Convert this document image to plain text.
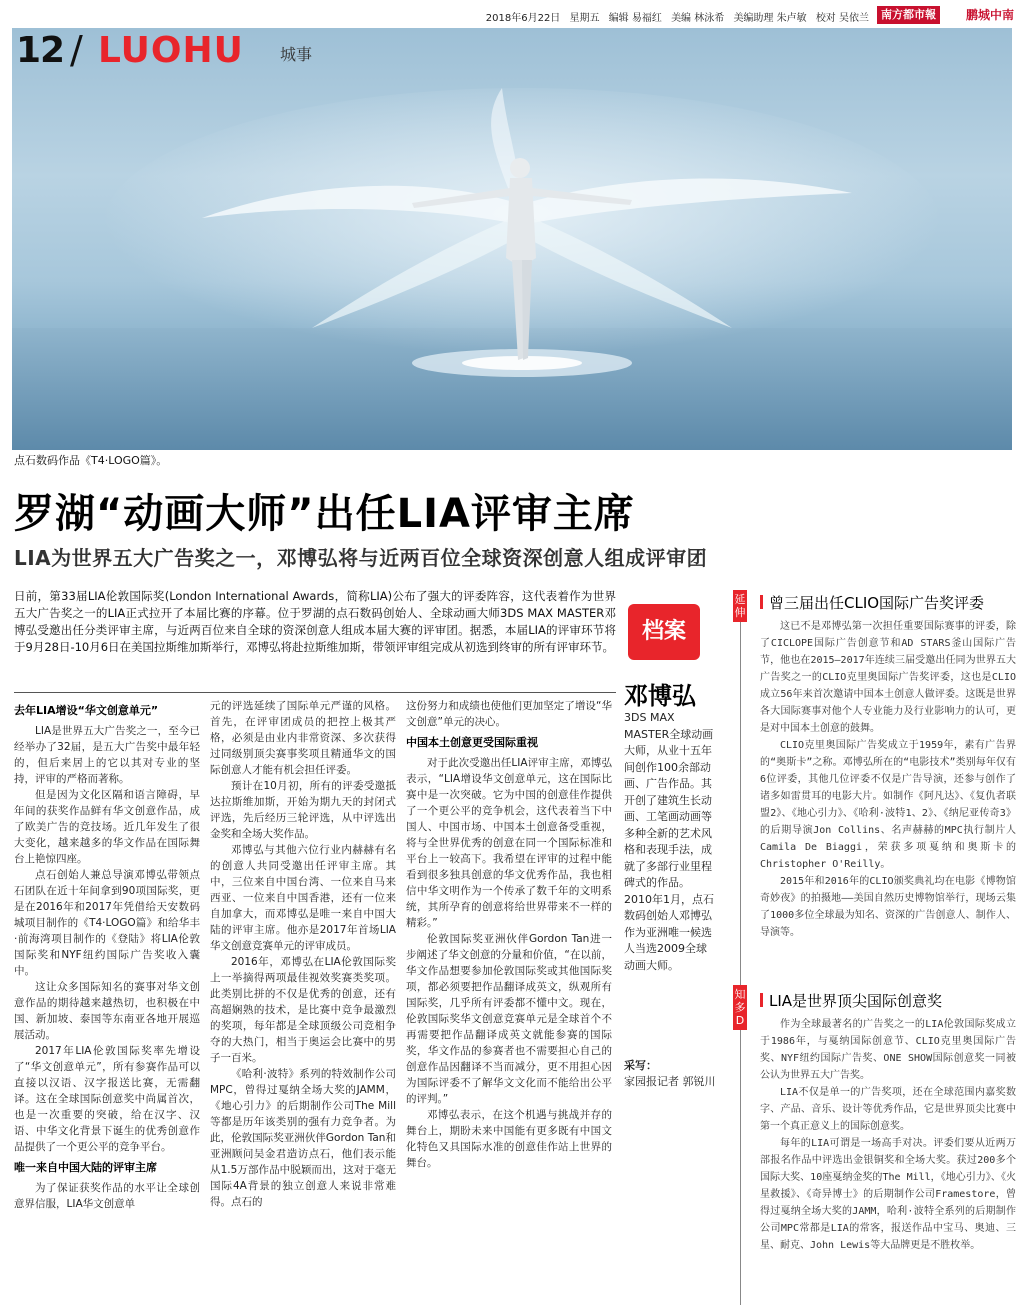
2018年6月22日 星期五 编辑 易福红 美编 林泳希 美编助理 朱卢敏 校对 吴依兰	南方都市報	鹏城中南
12 / LUOHU 城事
点石数码作品《T4·LOGO篇》。
罗湖“动画大师”出任LIA评审主席
LIA为世界五大广告奖之一，邓博弘将与近两百位全球资深创意人组成评审团
日前，第33届LIA伦敦国际奖(London International Awards，简称LIA)公布了强大的评委阵容，这代表着作为世界五大广告奖之一的LIA正式拉开了本届比赛的序幕。位于罗湖的点石数码创始人、全球动画大师3DS MAX MASTER邓博弘受邀出任分类评审主席，与近两百位来自全球的资深创意人组成本届大赛的评审团。据悉，本届LIA的评审环节将于9月28日-10月6日在美国拉斯维加斯举行，邓博弘将赴拉斯维加斯，带领评审组完成从初选到终审的所有评审环节。

去年LIA增设“华文创意单元”

LIA是世界五大广告奖之一，至今已经举办了32届，是五大广告奖中最年轻的，但后来居上的它以其对专业的坚持，评审的严格而著称。

但是因为文化区隔和语言障碍，早年间的获奖作品鲜有华文创意作品，成了欧美广告的竞技场。近几年发生了很大变化，越来越多的华文作品在国际舞台上艳惊四座。

点石创始人兼总导演邓博弘带领点石团队在近十年间拿到90项国际奖，更是在2016年和2017年凭借给天安数码城项目制作的《T4·LOGO篇》和给华丰·前海湾项目制作的《登陆》将LIA伦敦国际奖和NYF纽约国际广告奖收入囊中。

这让众多国际知名的赛事对华文创意作品的期待越来越热切，也积极在中国、新加坡、泰国等东南亚各地开展巡展活动。

2017年LIA伦敦国际奖率先增设了“华文创意单元”，所有参赛作品可以直接以汉语、汉字报送比赛，无需翻译。这在全球国际创意奖中尚属首次，也是一次重要的突破，给在汉字、汉语、中华文化背景下诞生的优秀创意作品提供了一个更公平的竞争平台。

唯一来自中国大陆的评审主席

为了保证获奖作品的水平让全球创意界信服，LIA华文创意单

元的评选延续了国际单元严谨的风格。首先，在评审团成员的把控上极其严格，必须是由业内非常资深、多次获得过同级别顶尖赛事奖项且精通华文的国际创意人才能有机会担任评委。

预计在10月初，所有的评委受邀抵达拉斯维加斯，开始为期九天的封闭式评选，先后经历三轮评选，从中评选出金奖和全场大奖作品。

邓博弘与其他六位行业内赫赫有名的创意人共同受邀出任评审主席。其中，三位来自中国台湾、一位来自马来西亚、一位来自中国香港，还有一位来自加拿大，而邓博弘是唯一来自中国大陆的评审主席。他亦是2017年首场LIA华文创意竞赛单元的评审成员。

2016年，邓博弘在LIA伦敦国际奖上一举摘得两项最佳视效奖赛类奖项。此类别比拼的不仅是优秀的创意，还有高超娴熟的技术，是比赛中竞争最激烈的奖项，每年都是全球顶级公司竞相争夺的大热门，相当于奥运会比赛中的男子一百米。

《哈利·波特》系列的特效制作公司MPC，曾得过戛纳全场大奖的JAMM，《地心引力》的后期制作公司The Mill等都是历年该类别的强有力竞争者。为此，伦敦国际奖亚洲伙伴Gordon Tan和亚洲顾问吴金君造访点石，他们表示能从1.5万部作品中脱颖而出，这对于毫无国际4A背景的独立创意人来说非常难得。点石的

这份努力和成绩也使他们更加坚定了增设“华文创意”单元的决心。

中国本土创意更受国际重视

对于此次受邀出任LIA评审主席，邓博弘表示，“LIA增设华文创意单元，这在国际比赛中是一次突破。它为中国的创意佳作提供了一个更公平的竞争机会，这代表着当下中国人、中国市场、中国本土创意备受重视，将与全世界优秀的创意在同一个国际标准和平台上一较高下。我希望在评审的过程中能看到很多独具创意的华文优秀作品，我也相信中华文明作为一个传承了数千年的文明系统，其所孕育的创意将给世界带来不一样的精彩。”

伦敦国际奖亚洲伙伴Gordon Tan进一步阐述了华文创意的分量和价值，“在以前，华文作品想要参加伦敦国际奖或其他国际奖项，都必须要把作品翻译成英文，纵观所有国际奖，几乎所有评委都不懂中文。现在，伦敦国际奖华文创意竞赛单元是全球首个不再需要把作品翻译成英文就能参赛的国际奖，华文作品的参赛者也不需要担心自己的创意作品因翻译不当而减分，更不用担心因为国际评委不了解华文文化而不能给出公平的评判。”

邓博弘表示，在这个机遇与挑战并存的舞台上，期盼未来中国能有更多既有中国文化特色又具国际水准的创意佳作站上世界的舞台。

档案
邓博弘
3DS MAX MASTER全球动画大师，从业十五年间创作100余部动画、广告作品。其开创了建筑生长动画、工笔画动画等多种全新的艺术风格和表现手法，成就了多部行业里程碑式的作品。2010年1月，点石数码创始人邓博弘作为亚洲唯一候选人当选2009全球动画大师。
采写：
家园报记者 郭锐川
延伸
知多D
曾三届出任CLIO国际广告奖评委

这已不是邓博弘第一次担任重要国际赛事的评委，除了CICLOPE国际广告创意节和AD STARS釜山国际广告节，他也在2015—2017年连续三届受邀出任同为世界五大广告奖之一的CLIO克里奥国际广告奖评委，这也是CLIO成立56年来首次邀请中国本土创意人做评委。这既是世界各大国际赛事对他个人专业能力及行业影响力的认可，更是对中国本土创意的鼓舞。

CLIO克里奥国际广告奖成立于1959年，素有广告界的“奥斯卡”之称。邓博弘所在的“电影技术”类别每年仅有6位评委，其他几位评委不仅是广告导演，还参与创作了诸多如雷贯耳的电影大片。如制作《阿凡达》、《复仇者联盟2》、《地心引力》、《哈利·波特1、2》、《纳尼亚传奇3》的后期导演Jon Collins、名声赫赫的MPC执行制片人Camila De Biaggi，荣获多项戛纳和奥斯卡的Christopher O'Reilly。

2015年和2016年的CLIO颁奖典礼均在电影《博物馆奇妙夜》的拍摄地——美国自然历史博物馆举行，现场云集了1000多位全球最为知名、资深的广告创意人、制作人、导演等。

LIA是世界顶尖国际创意奖

作为全球最著名的广告奖之一的LIA伦敦国际奖成立于1986年，与戛纳国际创意节、CLIO克里奥国际广告奖、NYF纽约国际广告奖、ONE SHOW国际创意奖一同被公认为世界五大广告奖。

LIA不仅是单一的广告奖项，还在全球范围内嘉奖数字、产品、音乐、设计等优秀作品，它是世界顶尖比赛中第一个真正意义上的国际创意奖。

每年的LIA可谓是一场高手对决。评委们要从近两万部报名作品中评选出金银铜奖和全场大奖。获过200多个国际大奖、10座戛纳金奖的The Mill，《地心引力》、《火星救援》、《奇异博士》的后期制作公司Framestore，曾得过戛纳全场大奖的JAMM，哈利·波特全系列的后期制作公司MPC常都是LIA的常客，报送作品中宝马、奥迪、三星、耐克、John Lewis等大品牌更是不胜枚举。
